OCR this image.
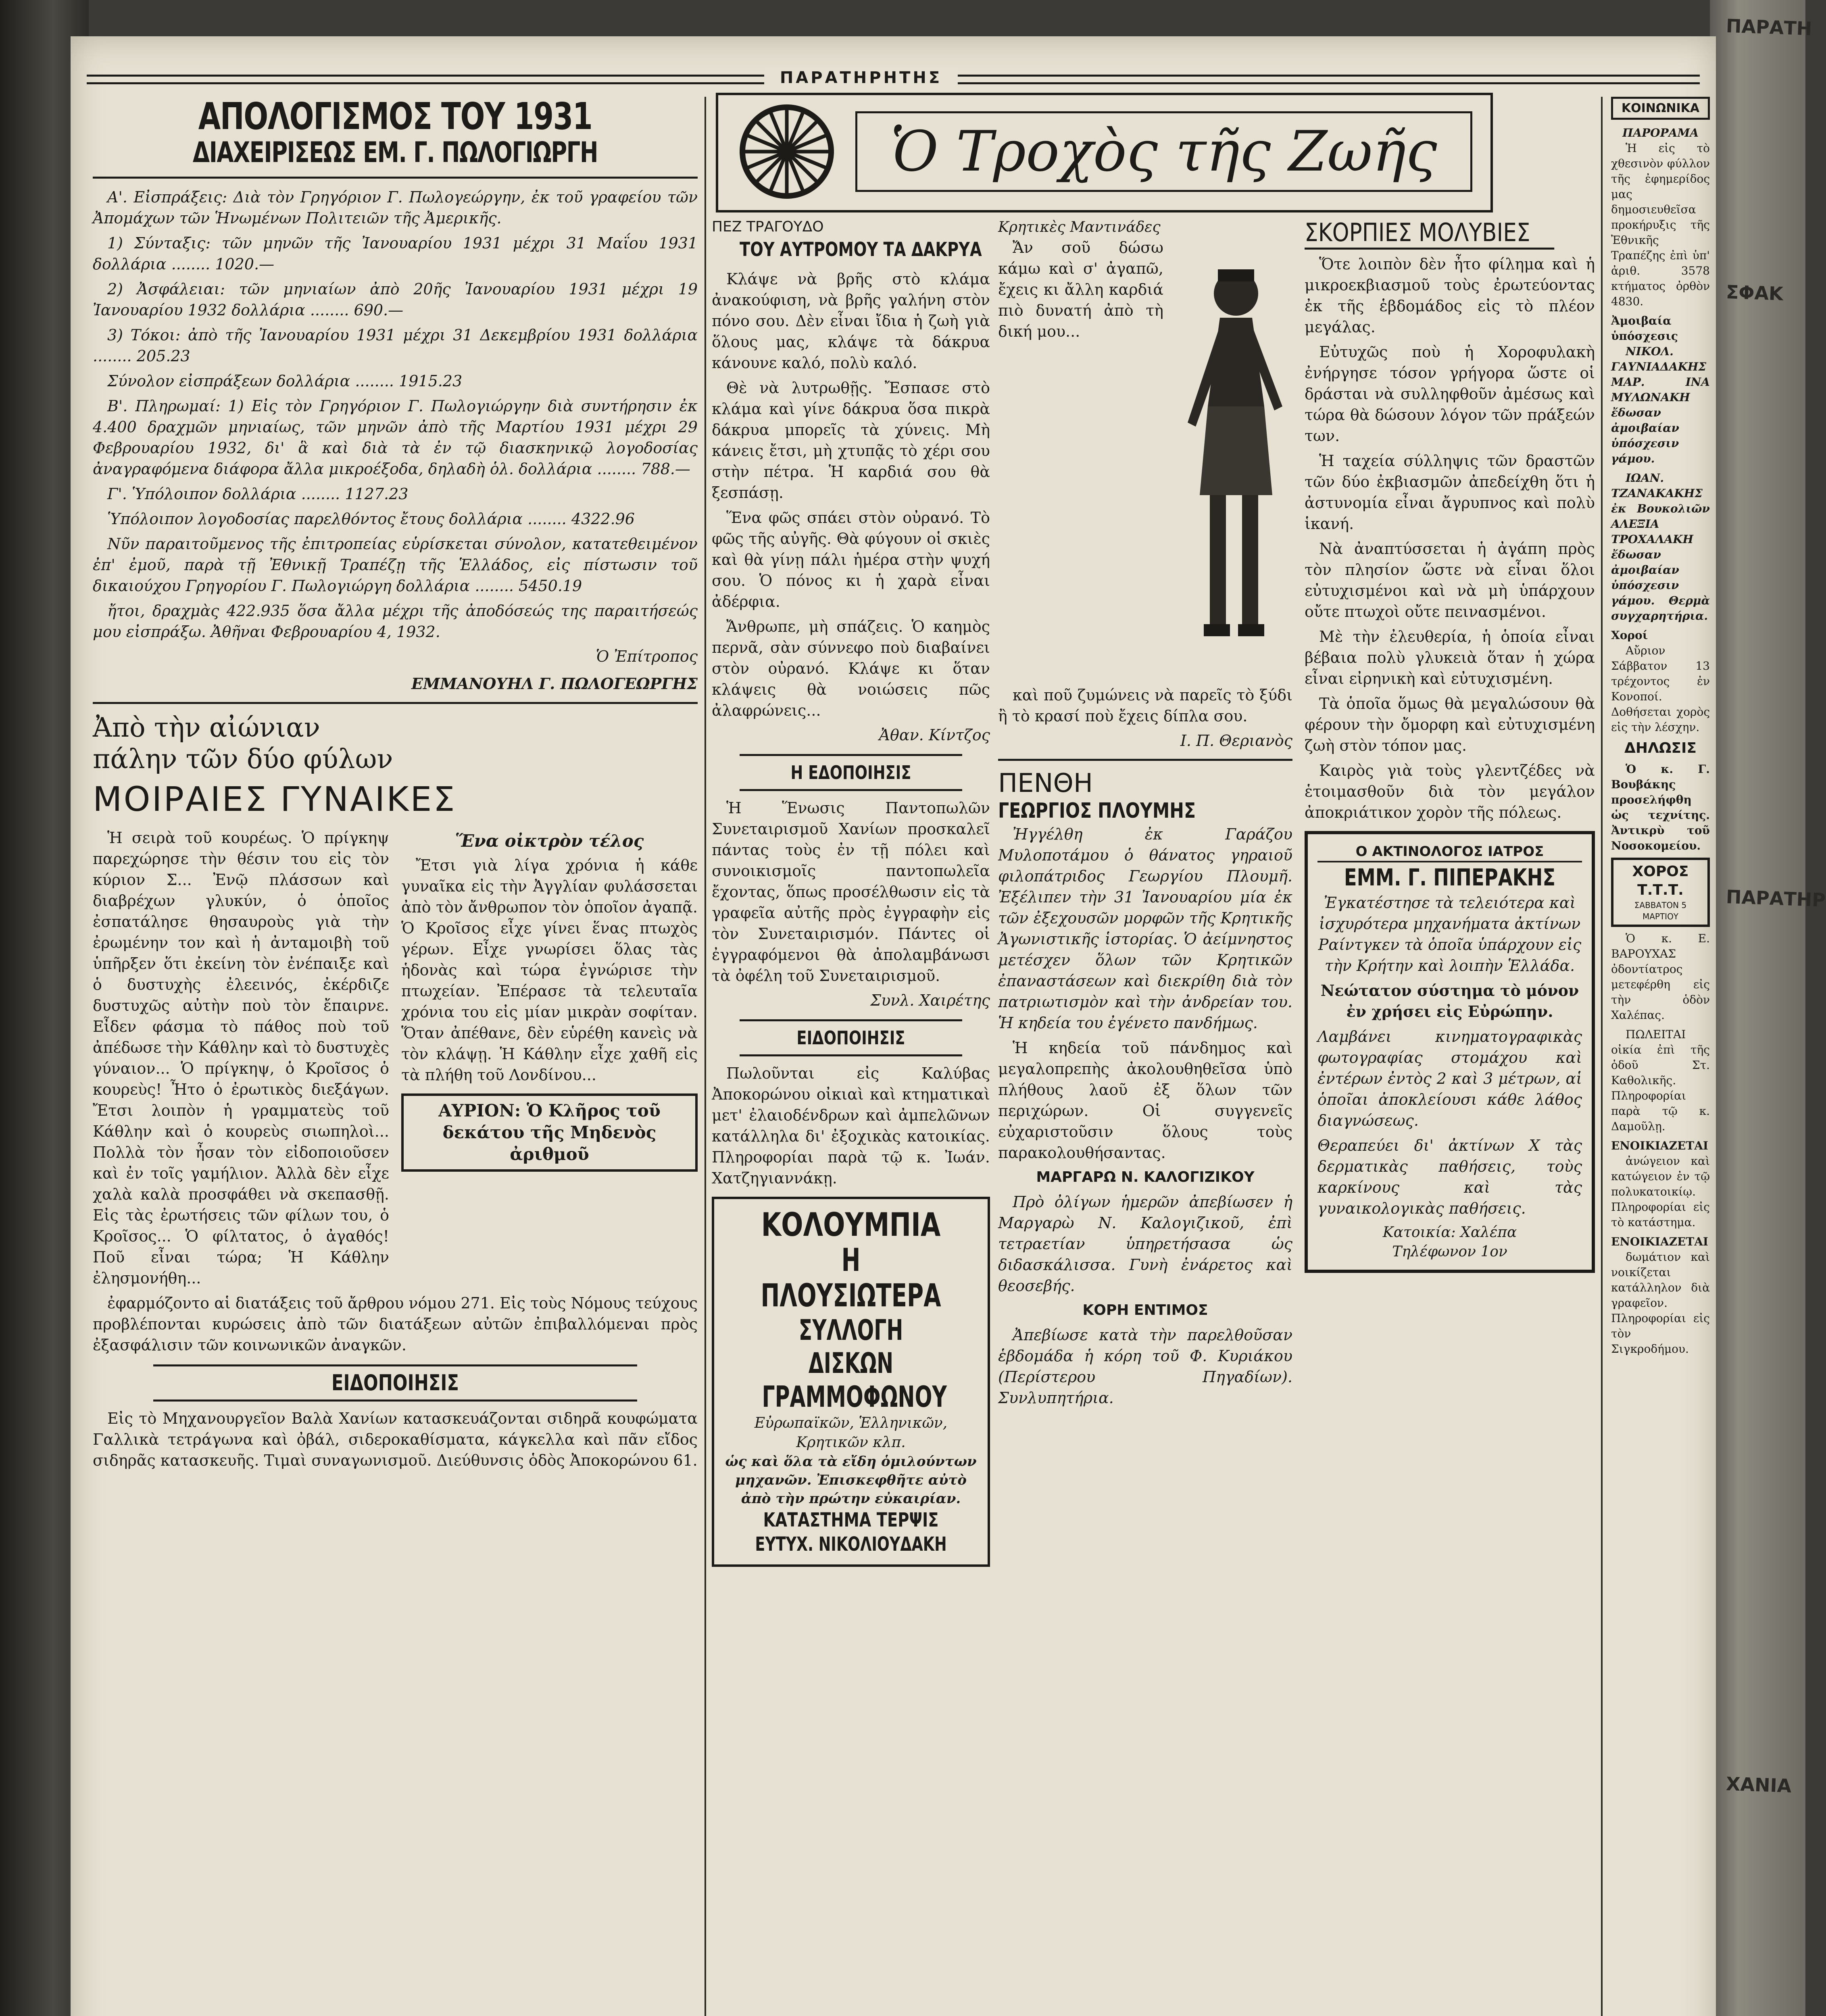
ΠΑΡΑΤΗ
ΣΦΑΚ
ΠΑΡΑΤΗΡ
ΧΑΝΙΑ
ΠΑΡΑΤΗΡΗΤΗΣ
ΑΠΟΛΟΓΙΣΜΟΣ ΤΟΥ 1931
ΔΙΑΧΕΙΡΙΣΕΩΣ ΕΜ. Γ. ΠΩΛΟΓΙΩΡΓΗ

Α'. Εἰσπράξεις: Διὰ τὸν Γρηγόριον Γ. Πωλογεώργην, ἐκ τοῦ γραφείου τῶν Ἀπομάχων τῶν Ἡνωμένων Πολιτειῶν τῆς Ἀμερικῆς.

1) Σύνταξις: τῶν μηνῶν τῆς Ἰανουαρίου 1931 μέχρι 31 Μαΐου 1931 δολλάρια ........ 1020.—

2) Ἀσφάλειαι: τῶν μηνιαίων ἀπὸ 20ῆς Ἰανουαρίου 1931 μέχρι 19 Ἰανουαρίου 1932 δολλάρια ........ 690.—

3) Τόκοι: ἀπὸ τῆς Ἰανουαρίου 1931 μέχρι 31 Δεκεμβρίου 1931 δολλάρια ........ 205.23

Σύνολον εἰσπράξεων δολλάρια ........ 1915.23

Β'. Πληρωμαί: 1) Εἰς τὸν Γρηγόριον Γ. Πωλογιώργην διὰ συντήρησιν ἐκ 4.400 δραχμῶν μηνιαίως, τῶν μηνῶν ἀπὸ τῆς Μαρτίου 1931 μέχρι 29 Φεβρουαρίου 1932, δι' ἃ καὶ διὰ τὰ ἐν τῷ διασκηνικῷ λογοδοσίας ἀναγραφόμενα διάφορα ἄλλα μικροέξοδα, δηλαδὴ ὁλ. δολλάρια ........ 788.—

Γ'. Ὑπόλοιπον δολλάρια ........ 1127.23

Ὑπόλοιπον λογοδοσίας παρελθόντος ἔτους δολλάρια ........ 4322.96

Νῦν παραιτοῦμενος τῆς ἐπιτροπείας εὑρίσκεται σύνολον, κατατεθειμένον ἐπ' ἐμοῦ, παρὰ τῇ Ἐθνικῇ Τραπέζῃ τῆς Ἑλλάδος, εἰς πίστωσιν τοῦ δικαιούχου Γρηγορίου Γ. Πωλογιώργη δολλάρια ........ 5450.19

ἤτοι, δραχμὰς 422.935 ὅσα ἄλλα μέχρι τῆς ἀποδόσεώς της παραιτήσεώς μου εἰσπράξω. Ἀθῆναι Φεβρουαρίου 4, 1932.

Ὁ Ἐπίτροπος
ΕΜΜΑΝΟΥΗΛ Γ. ΠΩΛΟΓΕΩΡΓΗΣ
Ἀπὸ τὴν αἰώνιαν πάλην τῶν δύο φύλων
ΜΟΙΡΑΙΕΣ ΓΥΝΑΙΚΕΣ

Ἡ σειρὰ τοῦ κουρέως. Ὁ πρίγκηψ παρεχώρησε τὴν θέσιν του εἰς τὸν κύριον Σ... Ἐνῷ πλάσσων καὶ διαβρέχων γλυκύν, ὁ ὁποῖος ἐσπατάλησε θησαυροὺς γιὰ τὴν ἐρωμένην τον καὶ ἡ ἀνταμοιβὴ τοῦ ὑπῆρξεν ὅτι ἐκείνη τὸν ἐνέπαιξε καὶ ὁ δυστυχὴς ἐλεεινός, ἐκέρδιζε δυστυχῶς αὐτὴν ποὺ τὸν ἔπαιρνε. Εἶδεν φάσμα τὸ πάθος ποὺ τοῦ ἀπέδωσε τὴν Κάθλην καὶ τὸ δυστυχὲς γύναιον... Ὁ πρίγκηψ, ὁ Κροῖσος ὁ κουρεὺς! Ἦτο ὁ ἐρωτικὸς διεξάγων. Ἔτσι λοιπὸν ἡ γραμματεὺς τοῦ Κάθλην καὶ ὁ κουρεὺς σιωπηλοὶ... Πολλὰ τὸν ἦσαν τὸν εἰδοποιοῦσεν καὶ ἐν τοῖς γαμήλιον. Ἀλλὰ δὲν εἶχε χαλὰ καλὰ προσφάθει νὰ σκεπασθῇ. Εἰς τὰς ἐρωτήσεις τῶν φίλων του, ὁ Κροῖσος... Ὁ φίλτατος, ὁ ἀγαθός! Ποῦ εἶναι τώρα; Ἡ Κάθλην ἐλησμονήθη...

Ἕνα οἰκτρὸν τέλος

Ἔτσι γιὰ λίγα χρόνια ἡ κάθε γυναῖκα εἰς τὴν Ἀγγλίαν φυλάσσεται ἀπὸ τὸν ἄνθρωπον τὸν ὁποῖον ἀγαπᾷ. Ὁ Κροῖσος εἶχε γίνει ἕνας πτωχὸς γέρων. Εἶχε γνωρίσει ὅλας τὰς ἡδονὰς καὶ τώρα ἐγνώρισε τὴν πτωχείαν. Ἐπέρασε τὰ τελευταῖα χρόνια του εἰς μίαν μικρὰν σοφίταν. Ὅταν ἀπέθανε, δὲν εὑρέθη κανεὶς νὰ τὸν κλάψῃ. Ἡ Κάθλην εἶχε χαθῆ εἰς τὰ πλήθη τοῦ Λονδίνου...

ΑΥΡΙΟΝ: Ὁ Κλῆρος τοῦ δεκάτου τῆς Μηδενὸς ἀριθμοῦ

ἐφαρμόζοντο αἱ διατάξεις τοῦ ἄρθρου νόμου 271. Εἰς τοὺς Νόμους τεύχους προβλέπονται κυρώσεις ἀπὸ τῶν διατάξεων αὐτῶν ἐπιβαλλόμεναι πρὸς ἐξασφάλισιν τῶν κοινωνικῶν ἀναγκῶν.

ΕΙΔΟΠΟΙΗΣΙΣ

Εἰς τὸ Μηχανουργεῖον Βαλὰ Χανίων κατασκευάζονται σιδηρᾶ κουφώματα Γαλλικὰ τετράγωνα καὶ ὀβάλ, σιδεροκαθίσματα, κάγκελλα καὶ πᾶν εἴδος σιδηρᾶς κατασκευῆς. Τιμαὶ συναγωνισμοῦ. Διεύθυνσις ὁδὸς Ἀποκορώνου 61.

Ὁ Τροχὸς τῆς Ζωῆς
ΠΕΖ ΤΡΑΓΟΥΔΟ
ΤΟΥ ΑΥΤΡΟΜΟΥ ΤΑ ΔΑΚΡΥΑ

Κλάψε νὰ βρῆς στὸ κλάμα ἀνακούφιση, νὰ βρῆς γαλήνη στὸν πόνο σου. Δὲν εἶναι ἴδια ἡ ζωὴ γιὰ ὅλους μας, κλάψε τὰ δάκρυα κάνουνε καλό, πολὺ καλό.

Θὲ νὰ λυτρωθῇς. Ἔσπασε στὸ κλάμα καὶ γίνε δάκρυα ὅσα πικρὰ δάκρυα μπορεῖς τὰ χύνεις. Μὴ κάνεις ἔτσι, μὴ χτυπᾷς τὸ χέρι σου στὴν πέτρα. Ἡ καρδιά σου θὰ ξεσπάσῃ.

Ἕνα φῶς σπάει στὸν οὐρανό. Τὸ φῶς τῆς αὐγῆς. Θὰ φύγουν οἱ σκιὲς καὶ θὰ γίνῃ πάλι ἡμέρα στὴν ψυχή σου. Ὁ πόνος κι ἡ χαρὰ εἶναι ἀδέρφια.

Ἄνθρωπε, μὴ σπάζεις. Ὁ καημὸς περνᾶ, σὰν σύννεφο ποὺ διαβαίνει στὸν οὐρανό. Κλάψε κι ὅταν κλάψεις θὰ νοιώσεις πῶς ἀλαφρώνεις...

Ἀθαν. Κίντζος
Η ΕΔΟΠΟΙΗΣΙΣ

Ἡ Ἕνωσις Παντοπωλῶν Συνεταιρισμοῦ Χανίων προσκαλεῖ πάντας τοὺς ἐν τῇ πόλει καὶ συνοικισμοῖς παντοπωλεῖα ἔχοντας, ὅπως προσέλθωσιν εἰς τὰ γραφεῖα αὐτῆς πρὸς ἐγγραφὴν εἰς τὸν Συνεταιρισμόν. Πάντες οἱ ἐγγραφόμενοι θὰ ἀπολαμβάνωσι τὰ ὀφέλη τοῦ Συνεταιρισμοῦ.

Συνλ. Χαιρέτης
ΕΙΔΟΠΟΙΗΣΙΣ

Πωλοῦνται εἰς Καλύβας Ἀποκορώνου οἰκιαὶ καὶ κτηματικαὶ μετ' ἐλαιοδένδρων καὶ ἀμπελῶνων κατάλληλα δι' ἐξοχικὰς κατοικίας. Πληροφορίαι παρὰ τῷ κ. Ἰωάν. Χατζηγιαννάκῃ.

ΚΟΛΟΥΜΠΙΑ
Η ΠΛΟΥΣΙΩΤΕΡΑ
ΣΥΛΛΟΓΗ ΔΙΣΚΩΝ
ΓΡΑΜΜΟΦΩΝΟΥ
Εὐρωπαϊκῶν, Ἑλληνικῶν, Κρητικῶν κλπ.
ὡς καὶ ὅλα τὰ εἴδη ὁμιλούντων μηχανῶν. Ἐπισκεφθῆτε αὐτὸ ἀπὸ τὴν πρώτην εὐκαιρίαν.
ΚΑΤΑΣΤΗΜΑ ΤΕΡΨΙΣ
ΕΥΤΥΧ. ΝΙΚΟΛΙΟΥΔΑΚΗ
Κρητικὲς Μαντινάδες

Ἄν σοῦ δώσω κάμω καὶ σ' ἀγαπῶ, ἔχεις κι ἄλλη καρδιά πιὸ δυνατή ἀπὸ τὴ δική μου...

καὶ ποῦ ζυμώνεις νὰ παρεῖς τὸ ξύδι ἢ τὸ κρασί ποὺ ἔχεις δίπλα σου.

Ι. Π. Θεριανὸς
ΠΕΝΘΗ
ΓΕΩΡΓΙΟΣ ΠΛΟΥΜΗΣ

Ἠγγέλθη ἐκ Γαράζου Μυλοποτάμου ὁ θάνατος γηραιοῦ φιλοπάτριδος Γεωργίου Πλουμῆ. Ἐξέλιπεν τὴν 31 Ἰανουαρίου μία ἐκ τῶν ἐξεχουσῶν μορφῶν τῆς Κρητικῆς Ἀγωνιστικῆς ἱστορίας. Ὁ ἀείμνηστος μετέσχεν ὅλων τῶν Κρητικῶν ἐπαναστάσεων καὶ διεκρίθη διὰ τὸν πατριωτισμὸν καὶ τὴν ἀνδρείαν του. Ἡ κηδεία του ἐγένετο πανδήμως.

Ἡ κηδεία τοῦ πάνδημος καὶ μεγαλοπρεπὴς ἀκολουθηθεῖσα ὑπὸ πλήθους λαοῦ ἐξ ὅλων τῶν περιχώρων. Οἱ συγγενεῖς εὐχαριστοῦσιν ὅλους τοὺς παρακολουθήσαντας.

ΜΑΡΓΑΡΩ Ν. ΚΑΛΟΓΙΖΙΚΟΥ

Πρὸ ὀλίγων ἡμερῶν ἀπεβίωσεν ἡ Μαργαρὼ Ν. Καλογιζικοῦ, ἐπὶ τετραετίαν ὑπηρετήσασα ὡς διδασκάλισσα. Γυνὴ ἐνάρετος καὶ θεοσεβής.

ΚΟΡΗ ΕΝΤΙΜΟΣ

Ἀπεβίωσε κατὰ τὴν παρελθοῦσαν ἑβδομάδα ἡ κόρη τοῦ Φ. Κυριάκου (Περίστερου Πηγαδίων). Συνλυπητήρια.

ΣΚΟΡΠΙΕΣ ΜΟΛΥΒΙΕΣ

Ὅτε λοιπὸν δὲν ἦτο φίλημα καὶ ἡ μικροεκβιασμοῦ τοὺς ἐρωτεύοντας ἐκ τῆς ἑβδομάδος εἰς τὸ πλέον μεγάλας.

Εὐτυχῶς ποὺ ἡ Χοροφυλακὴ ἐνήργησε τόσον γρήγορα ὥστε οἱ δράσται νὰ συλληφθοῦν ἀμέσως καὶ τώρα θὰ δώσουν λόγον τῶν πράξεών των.

Ἡ ταχεία σύλληψις τῶν δραστῶν τῶν δύο ἐκβιασμῶν ἀπεδείχθη ὅτι ἡ ἀστυνομία εἶναι ἄγρυπνος καὶ πολὺ ἱκανή.

Νὰ ἀναπτύσσεται ἡ ἀγάπη πρὸς τὸν πλησίον ὥστε νὰ εἶναι ὅλοι εὐτυχισμένοι καὶ νὰ μὴ ὑπάρχουν οὔτε πτωχοὶ οὔτε πεινασμένοι.

Μὲ τὴν ἐλευθερία, ἡ ὁποία εἶναι βέβαια πολὺ γλυκειὰ ὅταν ἡ χώρα εἶναι εἰρηνικὴ καὶ εὐτυχισμένη.

Τὰ ὁποῖα ὅμως θὰ μεγαλώσουν θὰ φέρουν τὴν ὄμορφη καὶ εὐτυχισμένη ζωὴ στὸν τόπον μας.

Καιρὸς γιὰ τοὺς γλεντζέδες νὰ ἑτοιμασθοῦν διὰ τὸν μεγάλον ἀποκριάτικον χορὸν τῆς πόλεως.

Ο ΑΚΤΙΝΟΛΟΓΟΣ ΙΑΤΡΟΣ
ΕΜΜ. Γ. ΠΙΠΕΡΑΚΗΣ

Ἐγκατέστησε τὰ τελειότερα καὶ ἰσχυρότερα μηχανήματα ἀκτίνων Ραίντγκεν τὰ ὁποῖα ὑπάρχουν εἰς τὴν Κρήτην καὶ λοιπὴν Ἑλλάδα.

Νεώτατον σύστημα τὸ μόνον ἐν χρήσει εἰς Εὐρώπην.

Λαμβάνει κινηματογραφικὰς φωτογραφίας στομάχου καὶ ἐντέρων ἐντὸς 2 καὶ 3 μέτρων, αἱ ὁποῖαι ἀποκλείουσι κάθε λάθος διαγνώσεως.

Θεραπεύει δι' ἀκτίνων Χ τὰς δερματικὰς παθήσεις, τοὺς καρκίνους καὶ τὰς γυναικολογικὰς παθήσεις.

Κατοικία: Χαλέπα
Τηλέφωνον 1ον
ΚΟΙΝΩΝΙΚΑ
ΠΑΡΟΡΑΜΑ

Ἡ εἰς τὸ χθεσινὸν φύλλον τῆς ἐφημερίδος μας δημοσιευθεῖσα προκήρυξις τῆς Ἐθνικῆς Τραπέζης ἐπὶ ὑπ' ἀριθ. 3578 κτήματος ὀρθὸν 4830.

Ἀμοιβαία ὑπόσχεσις

ΝΙΚΟΛ. ΓΑΥΝΙΑΔΑΚΗΣ ΜΑΡ. ΙΝΑ ΜΥΛΩΝΑΚΗ ἔδωσαν ἀμοιβαίαν ὑπόσχεσιν γάμου.

ΙΩΑΝ. ΤΖΑΝΑΚΑΚΗΣ ἐκ Βουκολιῶν ΑΛΕΞΙΑ ΤΡΟΧΑΛΑΚΗ ἔδωσαν ἀμοιβαίαν ὑπόσχεσιν γάμου. Θερμὰ συγχαρητήρια.

Χοροί

Αὔριον Σάββατον 13 τρέχοντος ἐν Κονοποί. Δοθήσεται χορὸς εἰς τὴν λέσχην.

ΔΗΛΩΣΙΣ

Ὁ κ. Γ. Βουβάκης προσελήφθη ὡς τεχνίτης. Ἀντικρὺ τοῦ Νοσοκομείου.

ΧΟΡΟΣ Τ.Τ.Τ.
ΣΑΒΒΑΤΟΝ 5 ΜΑΡΤΙΟΥ

Ὁ κ. Ε. ΒΑΡΟΥΧΑΣ ὀδοντίατρος μετεφέρθη εἰς τὴν ὁδὸν Χαλέπας.

ΠΩΛΕΙΤΑΙ οἰκία ἐπὶ τῆς ὁδοῦ Στ. Καθολικῆς. Πληροφορίαι παρὰ τῷ κ. Δαμοῦλῃ.

ΕΝΟΙΚΙΑΖΕΤΑΙ

ἀνώγειον καὶ κατώγειον ἐν τῷ πολυκατοικίῳ. Πληροφορίαι εἰς τὸ κατάστημα.

ΕΝΟΙΚΙΑΖΕΤΑΙ

δωμάτιον καὶ νοικίζεται κατάλληλον διὰ γραφεῖον. Πληροφορίαι εἰς τὸν Σιγκροδήμου.
